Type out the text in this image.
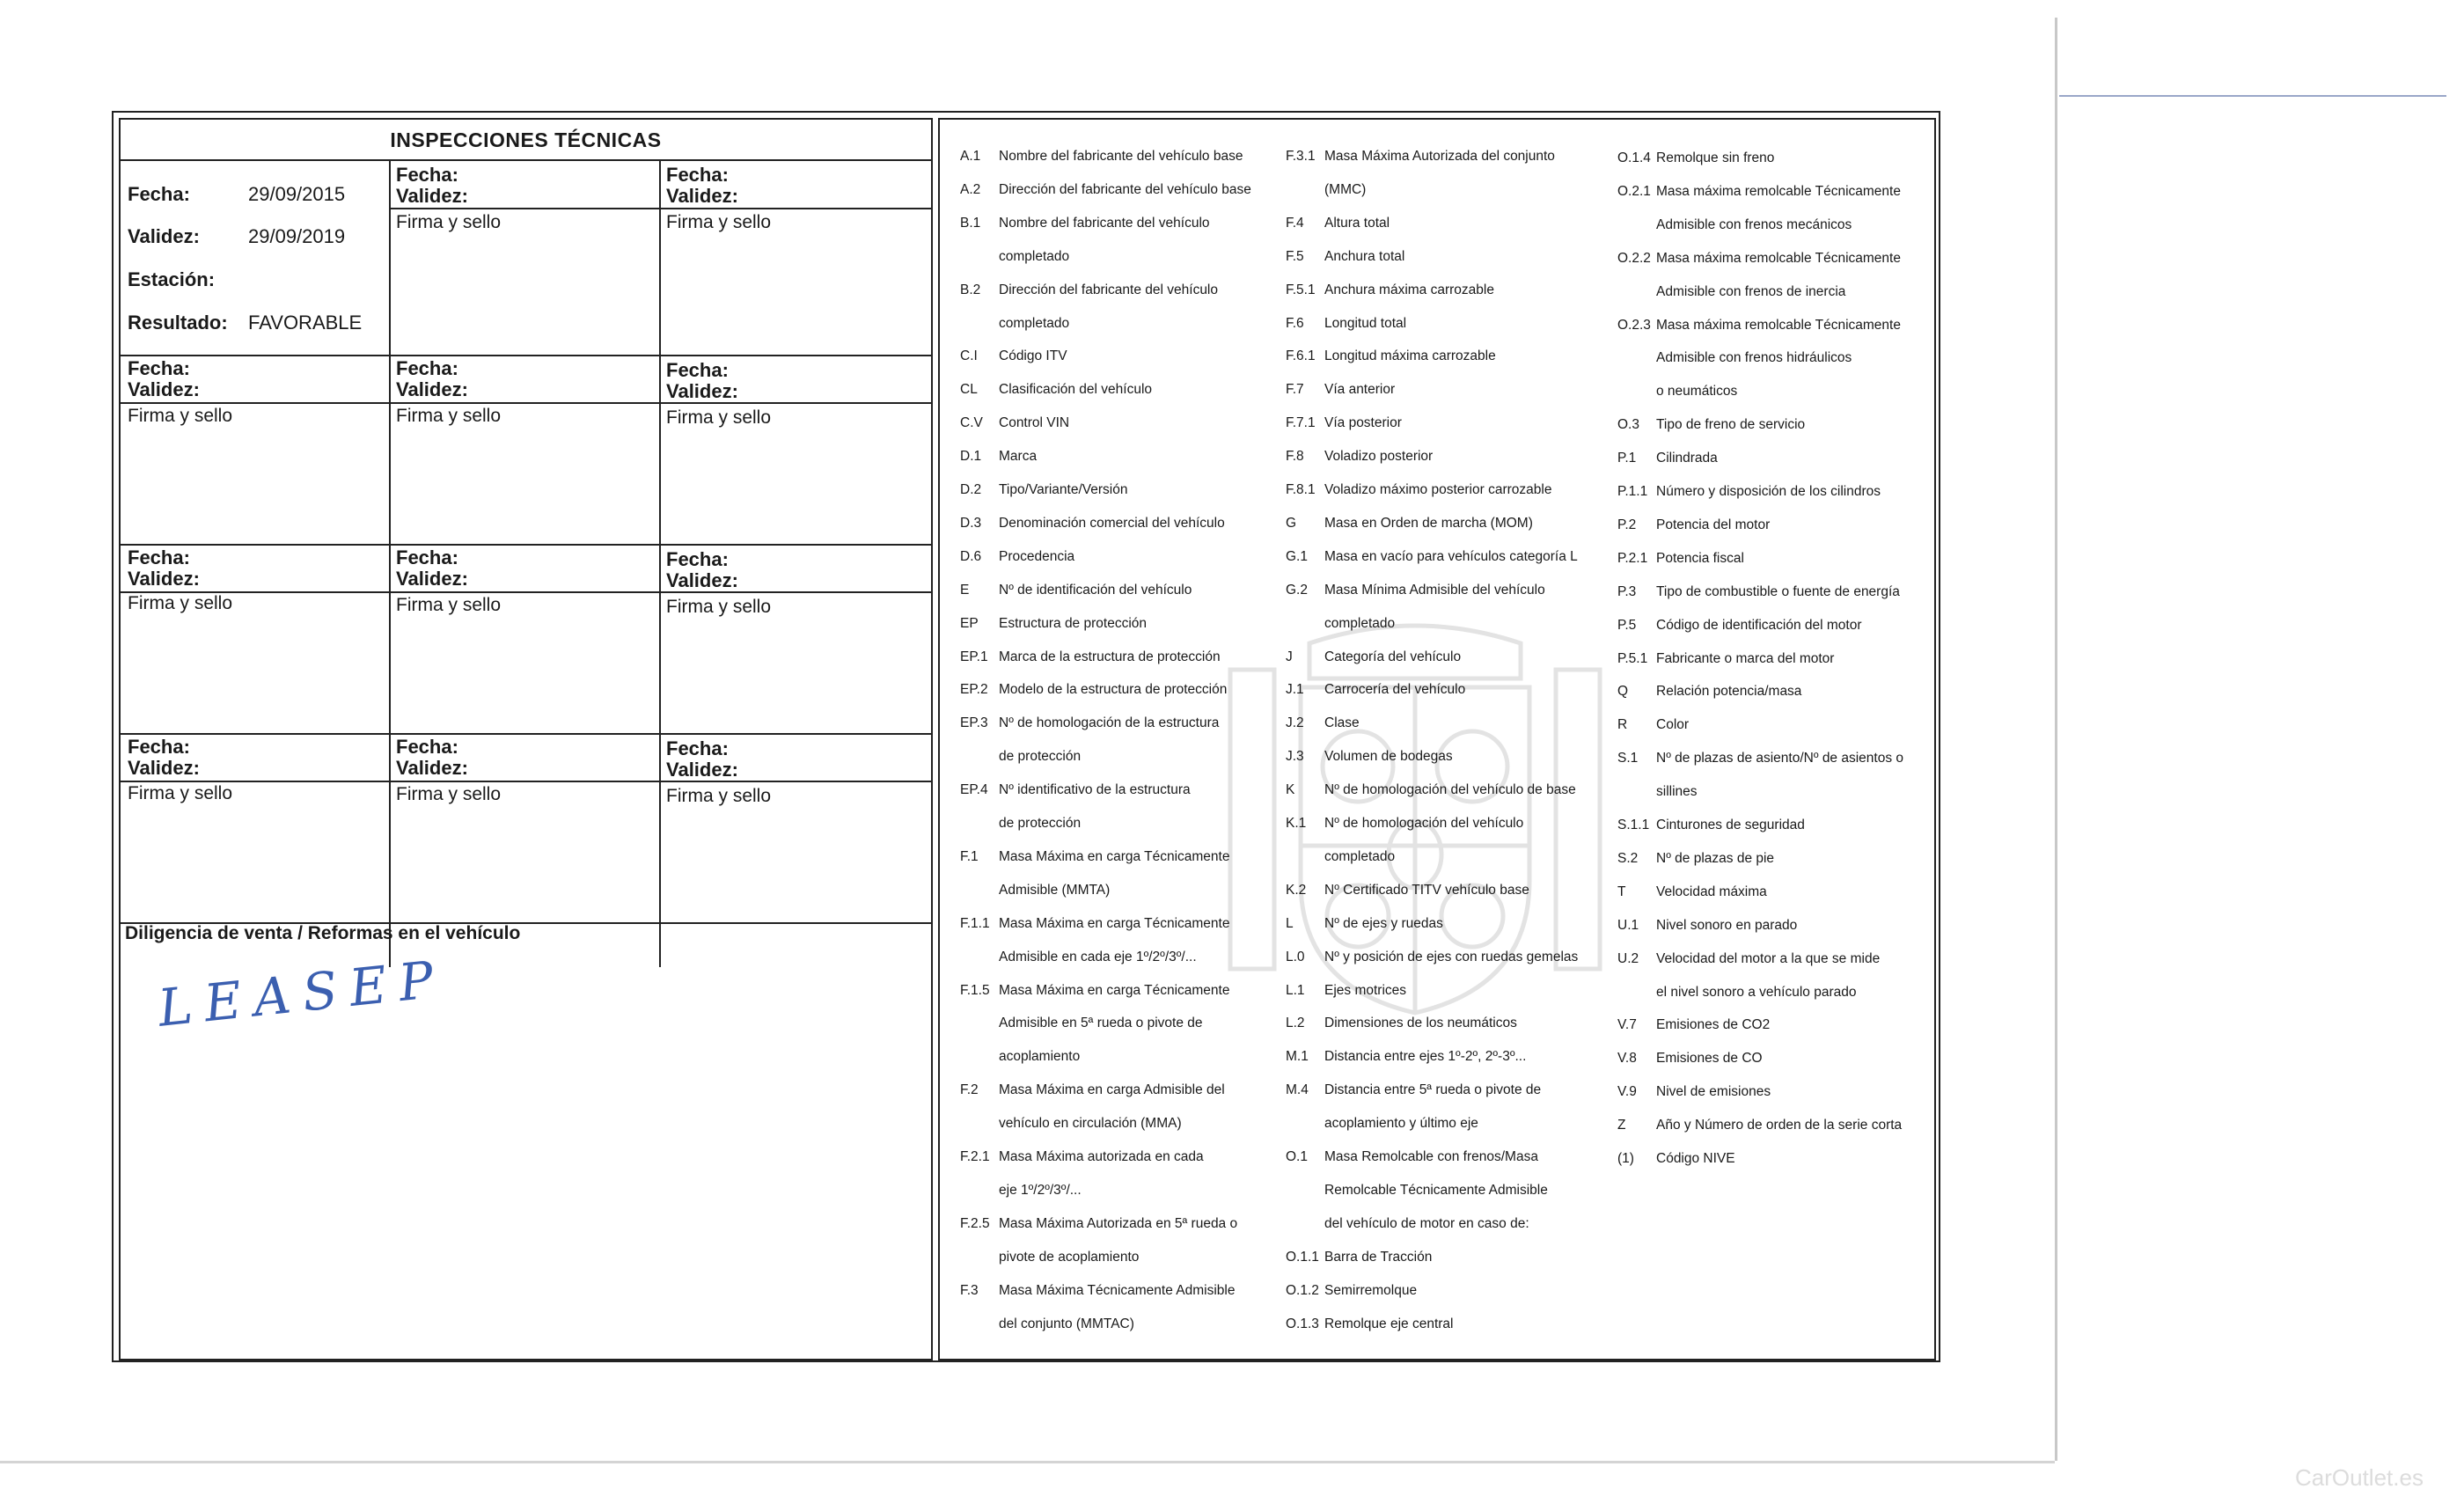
INSPECCIONES TÉCNICAS
Fecha:	29/09/2015
Validez:	29/09/2019
Estación:
Resultado: FAVORABLE
Fecha:
Validez:
Firma y sello
Fecha:
Validez:
Firma y sello
Fecha:
Validez:
Firma y sello
Fecha:
Validez:
Firma y sello
Fecha:
Validez:
Firma y sello
Fecha:
Validez:
Firma y sello
Fecha:
Validez:
Firma y sello
Fecha:
Validez:
Firma y sello
Fecha:
Validez:
Firma y sello
Fecha:
Validez:
Firma y sello
Fecha:
Validez:
Firma y sello
Diligencia de venta / Reformas en el vehículo
LEASEP
A.1 Nombre del fabricante del vehículo base
A.2 Dirección del fabricante del vehículo base
B.1 Nombre del fabricante del vehículo
completado
B.2 Dirección del fabricante del vehículo
completado
C.I Código ITV
CL Clasificación del vehículo
C.V Control VIN
D.1 Marca
D.2 Tipo/Variante/Versión
D.3 Denominación comercial del vehículo
D.6 Procedencia
E Nº de identificación del vehículo
EP Estructura de protección
EP.1 Marca de la estructura de protección
EP.2 Modelo de la estructura de protección
EP.3 Nº de homologación de la estructura
de protección
EP.4 Nº identificativo de la estructura
de protección
F.1 Masa Máxima en carga Técnicamente
Admisible (MMTA)
F.1.1 Masa Máxima en carga Técnicamente
Admisible en cada eje 1º/2º/3º/...
F.1.5 Masa Máxima en carga Técnicamente
Admisible en 5ª rueda o pivote de
acoplamiento
F.2 Masa Máxima en carga Admisible del
vehículo en circulación (MMA)
F.2.1 Masa Máxima autorizada en cada
eje 1º/2º/3º/...
F.2.5 Masa Máxima Autorizada en 5ª rueda o
pivote de acoplamiento
F.3 Masa Máxima Técnicamente Admisible
del conjunto (MMTAC)
F.3.1 Masa Máxima Autorizada del conjunto
(MMC)
F.4 Altura total
F.5 Anchura total
F.5.1 Anchura máxima carrozable
F.6 Longitud total
F.6.1 Longitud máxima carrozable
F.7 Vía anterior
F.7.1 Vía posterior
F.8 Voladizo posterior
F.8.1 Voladizo máximo posterior carrozable
G Masa en Orden de marcha (MOM)
G.1 Masa en vacío para vehículos categoría L
G.2 Masa Mínima Admisible del vehículo
completado
J Categoría del vehículo
J.1 Carrocería del vehículo
J.2 Clase
J.3 Volumen de bodegas
K Nº de homologación del vehículo de base
K.1 Nº de homologación del vehículo
completado
K.2 Nº Certificado TITV vehículo base
L Nº de ejes y ruedas
L.0 Nº y posición de ejes con ruedas gemelas
L.1 Ejes motrices
L.2 Dimensiones de los neumáticos
M.1 Distancia entre ejes 1º-2º, 2º-3º...
M.4 Distancia entre 5ª rueda o pivote de
acoplamiento y último eje
O.1 Masa Remolcable con frenos/Masa
Remolcable Técnicamente Admisible
del vehículo de motor en caso de:
O.1.1 Barra de Tracción
O.1.2 Semirremolque
O.1.3 Remolque eje central
O.1.4 Remolque sin freno
O.2.1 Masa máxima remolcable Técnicamente
Admisible con frenos mecánicos
O.2.2 Masa máxima remolcable Técnicamente
Admisible con frenos de inercia
O.2.3 Masa máxima remolcable Técnicamente
Admisible con frenos hidráulicos
o neumáticos
O.3 Tipo de freno de servicio
P.1 Cilindrada
P.1.1 Número y disposición de los cilindros
P.2 Potencia del motor
P.2.1 Potencia fiscal
P.3 Tipo de combustible o fuente de energía
P.5 Código de identificación del motor
P.5.1 Fabricante o marca del motor
Q Relación potencia/masa
R Color
S.1 Nº de plazas de asiento/Nº de asientos o
sillines
S.1.1 Cinturones de seguridad
S.2 Nº de plazas de pie
T Velocidad máxima
U.1 Nivel sonoro en parado
U.2 Velocidad del motor a la que se mide
el nivel sonoro a vehículo parado
V.7 Emisiones de CO2
V.8 Emisiones de CO
V.9 Nivel de emisiones
Z Año y Número de orden de la serie corta
(1) Código NIVE
CarOutlet.es
